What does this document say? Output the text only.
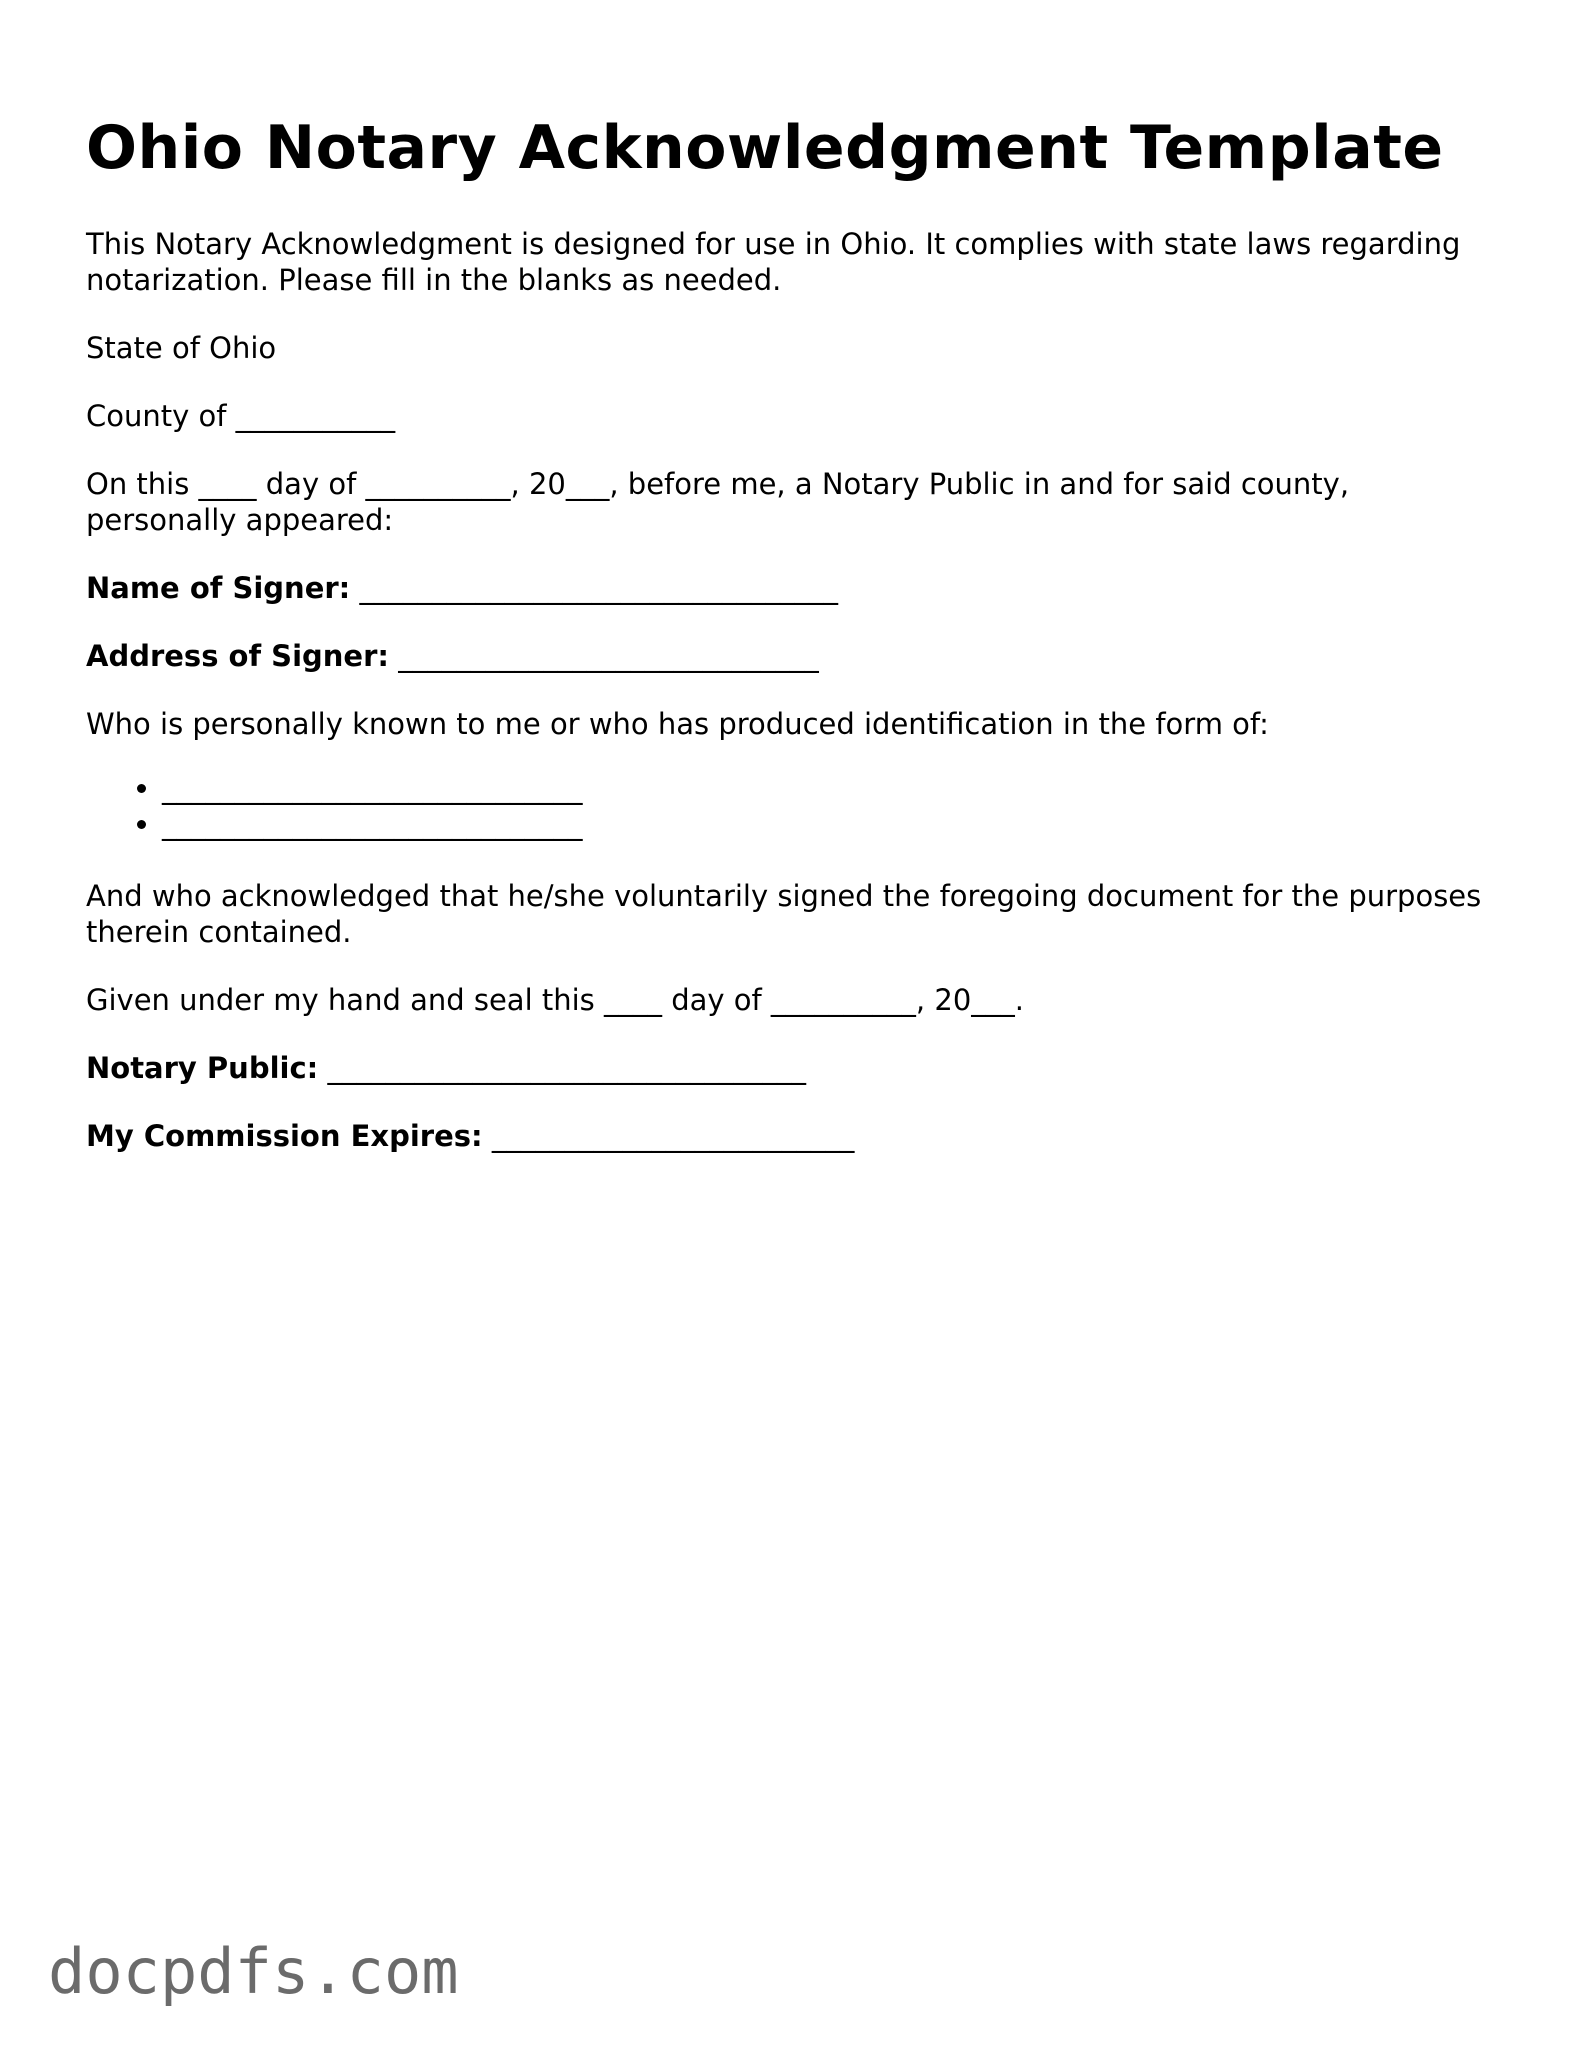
Ohio Notary Acknowledgment Template

This Notary Acknowledgment is designed for use in Ohio. It complies with state laws regarding notarization. Please fill in the blanks as needed.

State of Ohio

County of ___________

On this ____ day of __________, 20___, before me, a Notary Public in and for said county, personally appeared:

Name of Signer: _________________________________

Address of Signer: _____________________________

Who is personally known to me or who has produced identification in the form of:

• _____________________________
• _____________________________

And who acknowledged that he/she voluntarily signed the foregoing document for the purposes therein contained.

Given under my hand and seal this ____ day of __________, 20___.

Notary Public: _________________________________

My Commission Expires: _________________________

docpdfs.com
